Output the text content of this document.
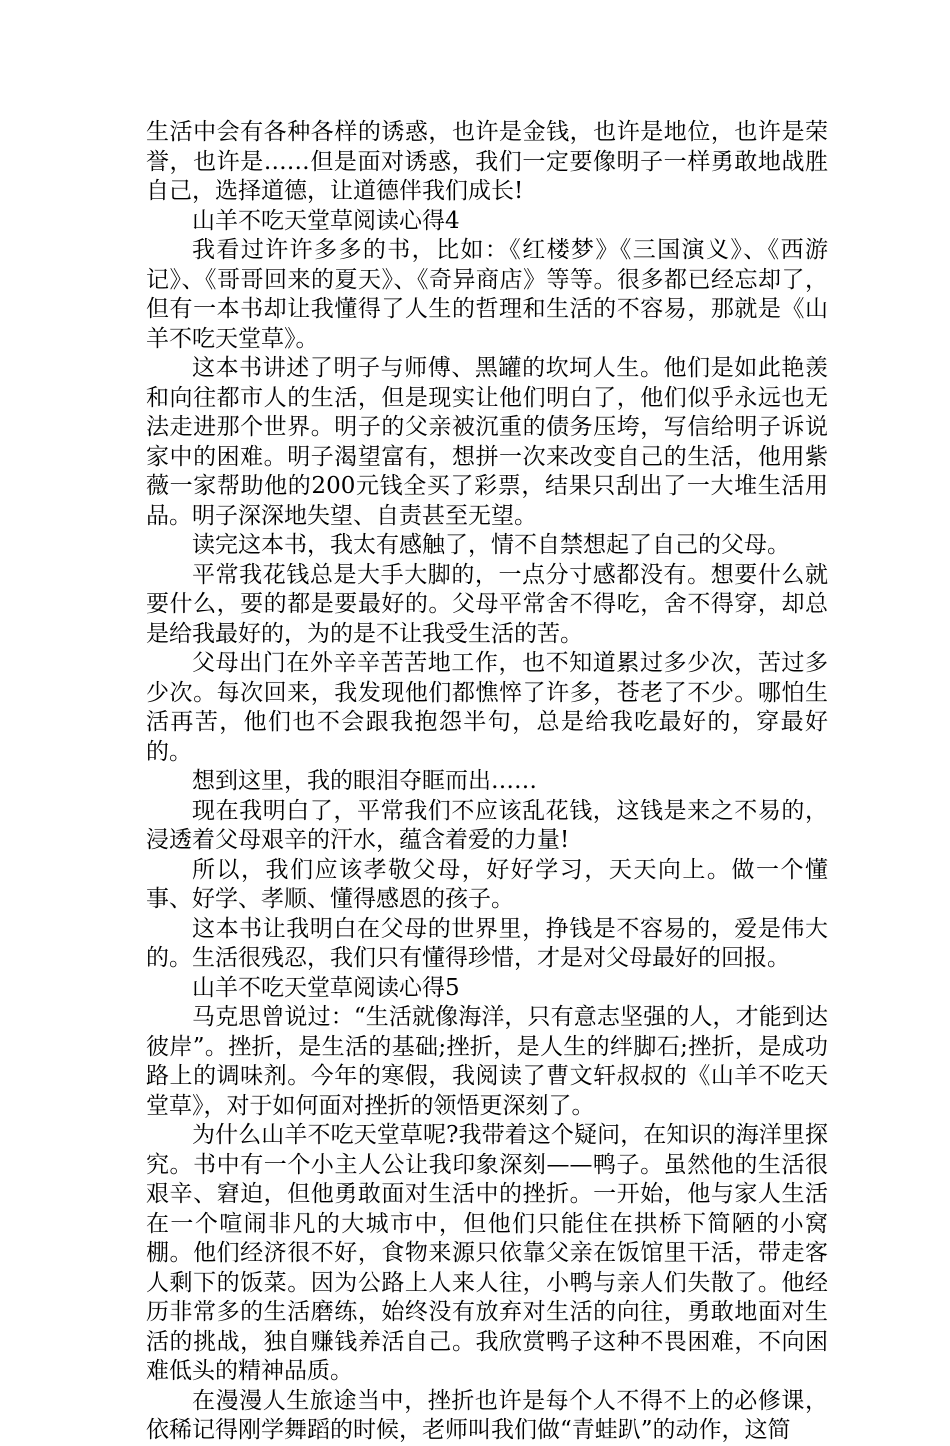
生活中会有各种各样的诱惑，也许是金钱，也许是地位，也许是荣誉，也许是……但是面对诱惑，我们一定要像明子一样勇敢地战胜自己，选择道德，让道德伴我们成长!

山羊不吃天堂草阅读心得4

我看过许许多多的书，比如：《红楼梦》《三国演义》、《西游记》、《哥哥回来的夏天》、《奇异商店》等等。很多都已经忘却了，但有一本书却让我懂得了人生的哲理和生活的不容易，那就是《山羊不吃天堂草》。

这本书讲述了明子与师傅、黑罐的坎坷人生。他们是如此艳羡和向往都市人的生活，但是现实让他们明白了，他们似乎永远也无法走进那个世界。明子的父亲被沉重的债务压垮，写信给明子诉说家中的困难。明子渴望富有，想拼一次来改变自己的生活，他用紫薇一家帮助他的200元钱全买了彩票，结果只刮出了一大堆生活用品。明子深深地失望、自责甚至无望。

读完这本书，我太有感触了，情不自禁想起了自己的父母。

平常我花钱总是大手大脚的，一点分寸感都没有。想要什么就要什么，要的都是要最好的。父母平常舍不得吃，舍不得穿，却总是给我最好的，为的是不让我受生活的苦。

父母出门在外辛辛苦苦地工作，也不知道累过多少次，苦过多少次。每次回来，我发现他们都憔悴了许多，苍老了不少。哪怕生活再苦，他们也不会跟我抱怨半句，总是给我吃最好的，穿最好的。

想到这里，我的眼泪夺眶而出……

现在我明白了，平常我们不应该乱花钱，这钱是来之不易的，浸透着父母艰辛的汗水，蕴含着爱的力量!

所以，我们应该孝敬父母，好好学习，天天向上。做一个懂事、好学、孝顺、懂得感恩的孩子。

这本书让我明白在父母的世界里，挣钱是不容易的，爱是伟大的。生活很残忍，我们只有懂得珍惜，才是对父母最好的回报。

山羊不吃天堂草阅读心得5

马克思曾说过：“生活就像海洋，只有意志坚强的人，才能到达彼岸”。挫折，是生活的基础;挫折，是人生的绊脚石;挫折，是成功路上的调味剂。今年的寒假，我阅读了曹文轩叔叔的《山羊不吃天堂草》，对于如何面对挫折的领悟更深刻了。

为什么山羊不吃天堂草呢?我带着这个疑问，在知识的海洋里探究。书中有一个小主人公让我印象深刻——鸭子。虽然他的生活很艰辛、窘迫，但他勇敢面对生活中的挫折。一开始，他与家人生活在一个喧闹非凡的大城市中，但他们只能住在拱桥下简陋的小窝棚。他们经济很不好，食物来源只依靠父亲在饭馆里干活，带走客人剩下的饭菜。因为公路上人来人往，小鸭与亲人们失散了。他经历非常多的生活磨练，始终没有放弃对生活的向往，勇敢地面对生活的挑战，独自赚钱养活自己。我欣赏鸭子这种不畏困难，不向困难低头的精神品质。

在漫漫人生旅途当中，挫折也许是每个人不得不上的必修课，依稀记得刚学舞蹈的时候，老师叫我们做“青蛙趴”的动作，这简
